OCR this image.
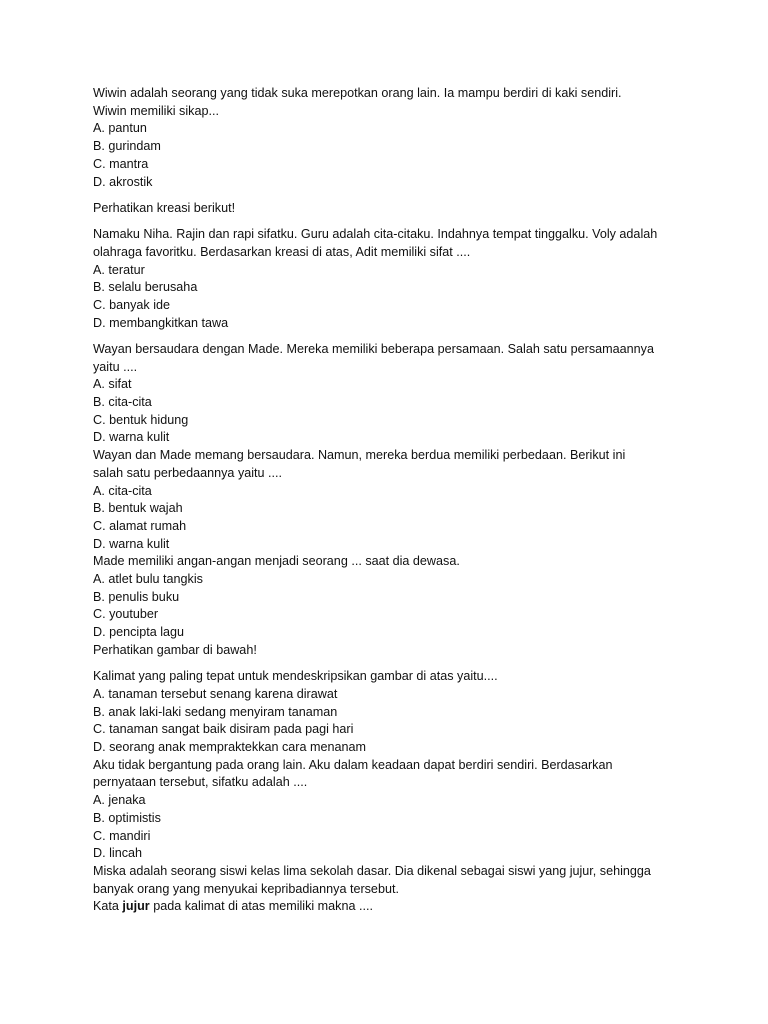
Wiwin adalah seorang yang tidak suka merepotkan orang lain. Ia mampu berdiri di kaki sendiri.

Wiwin memiliki sikap...

A. pantun

B. gurindam

C. mantra

D. akrostik

Perhatikan kreasi berikut!

Namaku Niha. Rajin dan rapi sifatku. Guru adalah cita-citaku. Indahnya tempat tinggalku. Voly adalah

olahraga favoritku. Berdasarkan kreasi di atas, Adit memiliki sifat ....

A. teratur

B. selalu berusaha

C. banyak ide

D. membangkitkan tawa

Wayan bersaudara dengan Made. Mereka memiliki beberapa persamaan. Salah satu persamaannya

yaitu ....

A. sifat

B. cita-cita

C. bentuk hidung

D. warna kulit

Wayan dan Made memang bersaudara. Namun, mereka berdua memiliki perbedaan. Berikut ini

salah satu perbedaannya yaitu ....

A. cita-cita

B. bentuk wajah

C. alamat rumah

D. warna kulit

Made memiliki angan-angan menjadi seorang ... saat dia dewasa.

A. atlet bulu tangkis

B. penulis buku

C. youtuber

D. pencipta lagu

Perhatikan gambar di bawah!

Kalimat yang paling tepat untuk mendeskripsikan gambar di atas yaitu....

A. tanaman tersebut senang karena dirawat

B. anak laki-laki sedang menyiram tanaman

C. tanaman sangat baik disiram pada pagi hari

D. seorang anak mempraktekkan cara menanam

Aku tidak bergantung pada orang lain. Aku dalam keadaan dapat berdiri sendiri. Berdasarkan

pernyataan tersebut, sifatku adalah ....

A. jenaka

B. optimistis

C. mandiri

D. lincah

Miska adalah seorang siswi kelas lima sekolah dasar. Dia dikenal sebagai siswi yang jujur, sehingga

banyak orang yang menyukai kepribadiannya tersebut.

Kata jujur pada kalimat di atas memiliki makna ....
